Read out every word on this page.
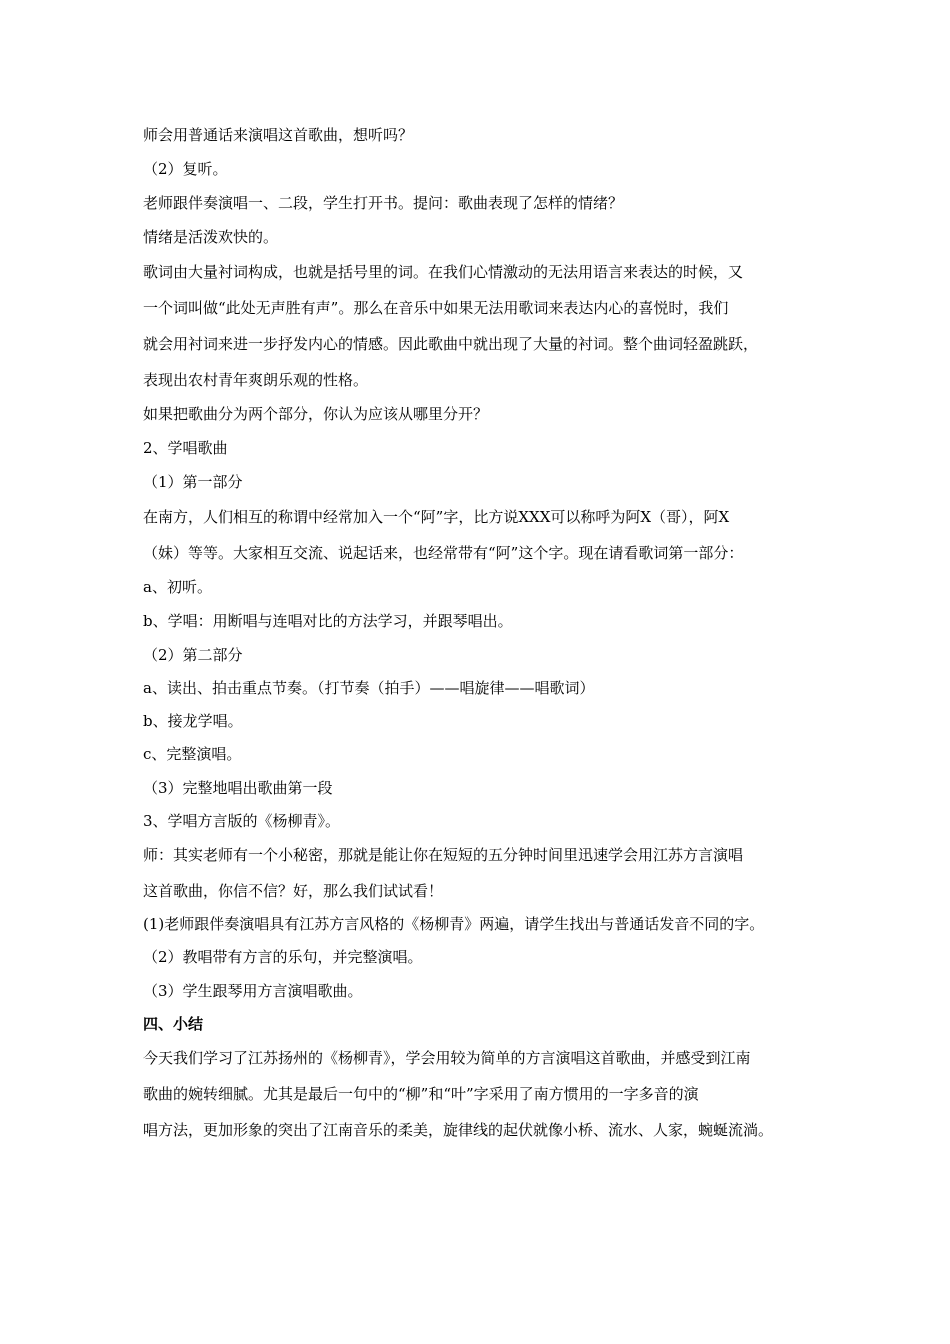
师会用普通话来演唱这首歌曲，想听吗？
（2）复听。
老师跟伴奏演唱一、二段，学生打开书。提问：歌曲表现了怎样的情绪？
情绪是活泼欢快的。
歌词由大量衬词构成，也就是括号里的词。在我们心情激动的无法用语言来表达的时候，又
一个词叫做“此处无声胜有声”。那么在音乐中如果无法用歌词来表达内心的喜悦时，我们
就会用衬词来进一步抒发内心的情感。因此歌曲中就出现了大量的衬词。整个曲词轻盈跳跃，
表现出农村青年爽朗乐观的性格。
如果把歌曲分为两个部分，你认为应该从哪里分开？
2、学唱歌曲
（1）第一部分
在南方，人们相互的称谓中经常加入一个“阿”字，比方说XXX可以称呼为阿X（哥），阿X
（妹）等等。大家相互交流、说起话来，也经常带有“阿”这个字。现在请看歌词第一部分：
a、初听。
b、学唱：用断唱与连唱对比的方法学习，并跟琴唱出。
（2）第二部分
a、读出、拍击重点节奏。（打节奏（拍手）——唱旋律——唱歌词）
b、接龙学唱。
c、完整演唱。
（3）完整地唱出歌曲第一段
3、学唱方言版的《杨柳青》。
师：其实老师有一个小秘密，那就是能让你在短短的五分钟时间里迅速学会用江苏方言演唱
这首歌曲，你信不信？好，那么我们试试看！
(1)老师跟伴奏演唱具有江苏方言风格的《杨柳青》两遍，请学生找出与普通话发音不同的字。
（2）教唱带有方言的乐句，并完整演唱。
（3）学生跟琴用方言演唱歌曲。
四、小结
今天我们学习了江苏扬州的《杨柳青》，学会用较为简单的方言演唱这首歌曲，并感受到江南
歌曲的婉转细腻。尤其是最后一句中的“柳”和“叶”字采用了南方惯用的一字多音的演
唱方法，更加形象的突出了江南音乐的柔美，旋律线的起伏就像小桥、流水、人家，蜿蜒流淌。
